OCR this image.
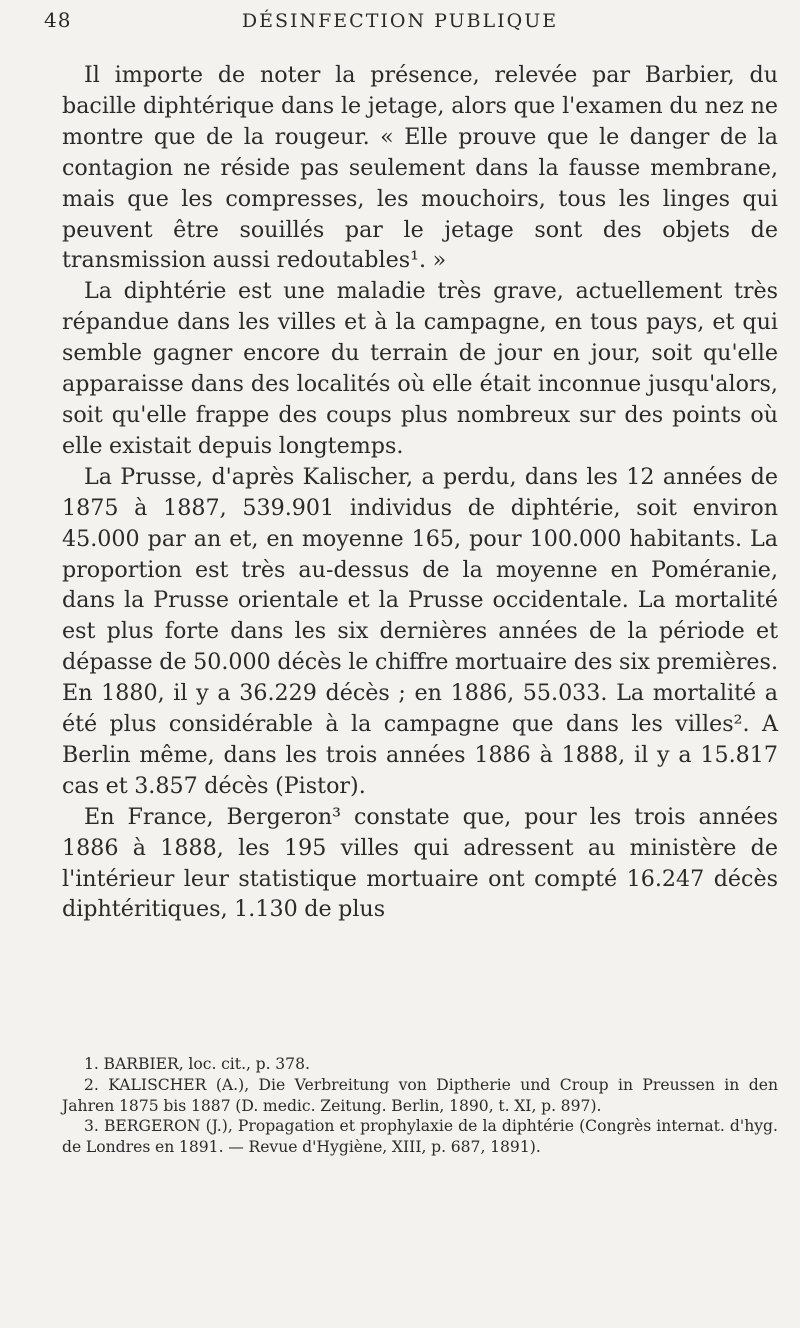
48	DÉSINFECTION PUBLIQUE

Il importe de noter la présence, relevée par Barbier, du bacille diphtérique dans le jetage, alors que l'examen du nez ne montre que de la rougeur. « Elle prouve que le danger de la contagion ne réside pas seulement dans la fausse membrane, mais que les compresses, les mouchoirs, tous les linges qui peuvent être souillés par le jetage sont des objets de transmission aussi redoutables¹. »

La diphtérie est une maladie très grave, actuellement très répandue dans les villes et à la campagne, en tous pays, et qui semble gagner encore du terrain de jour en jour, soit qu'elle apparaisse dans des localités où elle était inconnue jusqu'alors, soit qu'elle frappe des coups plus nombreux sur des points où elle existait depuis longtemps.

La Prusse, d'après Kalischer, a perdu, dans les 12 années de 1875 à 1887, 539.901 individus de diphtérie, soit environ 45.000 par an et, en moyenne 165, pour 100.000 habitants. La proportion est très au-dessus de la moyenne en Poméranie, dans la Prusse orientale et la Prusse occidentale. La mortalité est plus forte dans les six dernières années de la période et dépasse de 50.000 décès le chiffre mortuaire des six premières. En 1880, il y a 36.229 décès ; en 1886, 55.033. La mortalité a été plus considérable à la campagne que dans les villes². A Berlin même, dans les trois années 1886 à 1888, il y a 15.817 cas et 3.857 décès (Pistor).

En France, Bergeron³ constate que, pour les trois années 1886 à 1888, les 195 villes qui adressent au ministère de l'intérieur leur statistique mortuaire ont compté 16.247 décès diphtéritiques, 1.130 de plus

1. BARBIER, loc. cit., p. 378.

2. KALISCHER (A.), Die Verbreitung von Diptherie und Croup in Preussen in den Jahren 1875 bis 1887 (D. medic. Zeitung. Berlin, 1890, t. XI, p. 897).

3. BERGERON (J.), Propagation et prophylaxie de la diphtérie (Congrès internat. d'hyg. de Londres en 1891. — Revue d'Hygiène, XIII, p. 687, 1891).
